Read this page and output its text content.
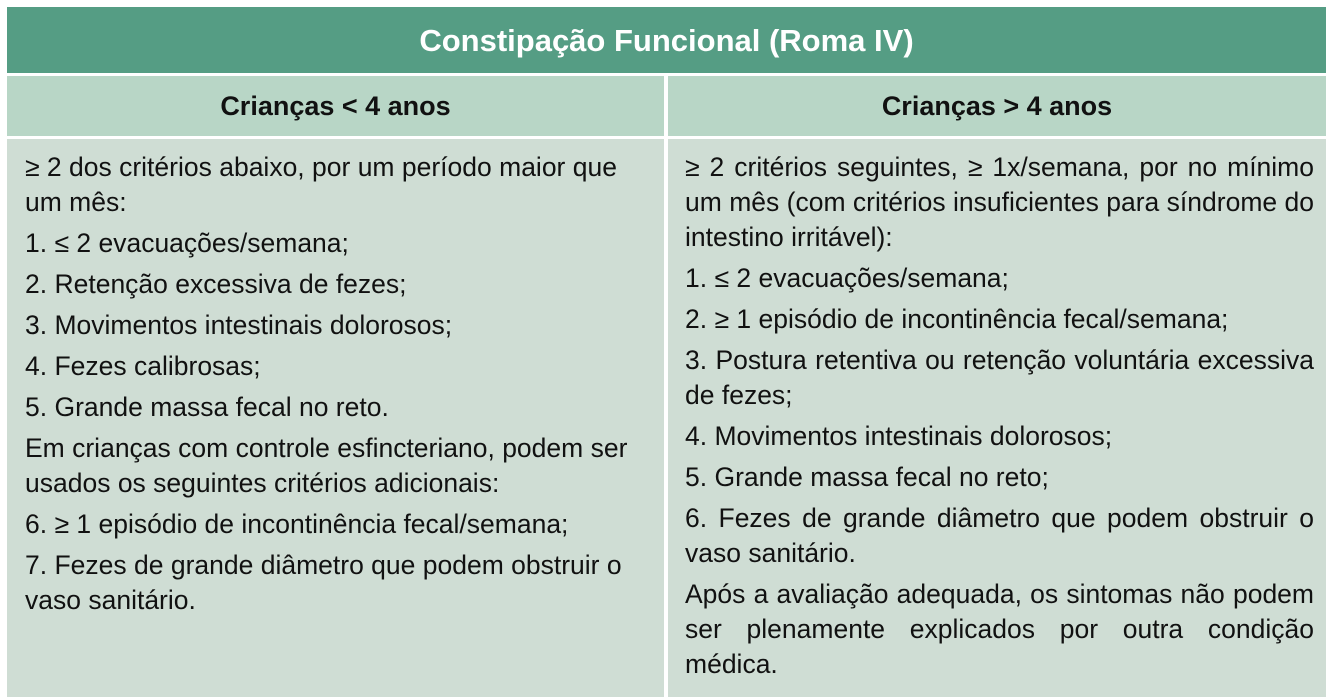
Constipação Funcional (Roma IV)
Crianças < 4 anos	Crianças > 4 anos
≥ 2 dos critérios abaixo, por um período maior que um mês:
1. ≤ 2 evacuações/semana;
2. Retenção excessiva de fezes;
3. Movimentos intestinais dolorosos;
4. Fezes calibrosas;
5. Grande massa fecal no reto.
Em crianças com controle esfincteriano, podem ser usados os seguintes critérios adicionais:
6. ≥ 1 episódio de incontinência fecal/semana;
7. Fezes de grande diâmetro que podem obstruir o vaso sanitário.
≥ 2 critérios seguintes, ≥ 1x/semana, por no mínimo um mês (com critérios insuficientes para síndrome do intestino irritável):
1. ≤ 2 evacuações/semana;
2. ≥ 1 episódio de incontinência fecal/semana;
3. Postura retentiva ou retenção voluntária excessiva de fezes;
4. Movimentos intestinais dolorosos;
5. Grande massa fecal no reto;
6. Fezes de grande diâmetro que podem obstruir o vaso sanitário.
Após a avaliação adequada, os sintomas não podem ser plenamente explicados por outra condição médica.
